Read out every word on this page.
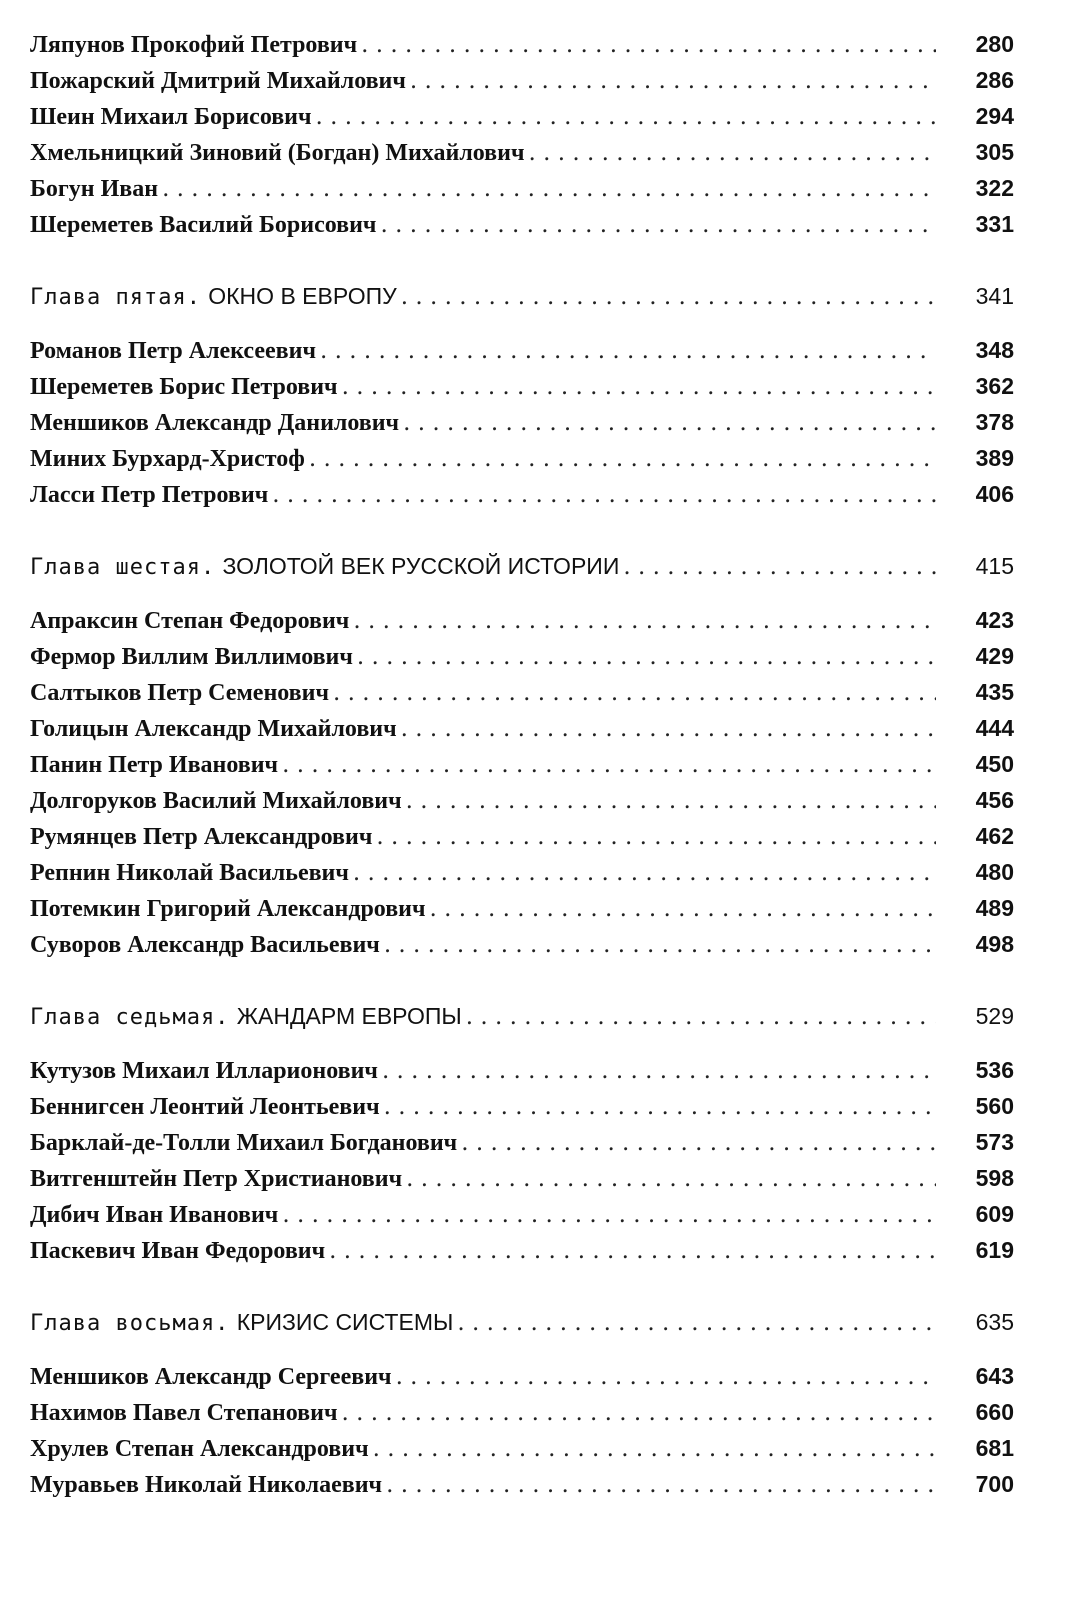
Ляпунов Прокофий Петрович . . .	280
Пожарский Дмитрий Михайлович . . .	286
Шеин Михаил Борисович . . .	294
Хмельницкий Зиновий (Богдан) Михайлович . . .	305
Богун Иван . . .	322
Шереметев Василий Борисович . . .	331
Глава пятая. ОКНО В ЕВРОПУ . . .	341
Романов Петр Алексеевич . . .	348
Шереметев Борис Петрович . . .	362
Меншиков Александр Данилович . . .	378
Миних Бурхард-Христоф . . .	389
Ласси Петр Петрович . . .	406
Глава шестая. ЗОЛОТОЙ ВЕК РУССКОЙ ИСТОРИИ . . .	415
Апраксин Степан Федорович . . .	423
Фермор Виллим Виллимович . . .	429
Салтыков Петр Семенович . . .	435
Голицын Александр Михайлович . . .	444
Панин Петр Иванович . . .	450
Долгоруков Василий Михайлович . . .	456
Румянцев Петр Александрович . . .	462
Репнин Николай Васильевич . . .	480
Потемкин Григорий Александрович . . .	489
Суворов Александр Васильевич . . .	498
Глава седьмая. ЖАНДАРМ ЕВРОПЫ . . .	529
Кутузов Михаил Илларионович . . .	536
Беннигсен Леонтий Леонтьевич . . .	560
Барклай-де-Толли Михаил Богданович . . .	573
Витгенштейн Петр Христианович . . .	598
Дибич Иван Иванович . . .	609
Паскевич Иван Федорович . . .	619
Глава восьмая. КРИЗИС СИСТЕМЫ . . .	635
Меншиков Александр Сергеевич . . .	643
Нахимов Павел Степанович . . .	660
Хрулев Степан Александрович . . .	681
Муравьев Николай Николаевич . . .	700
